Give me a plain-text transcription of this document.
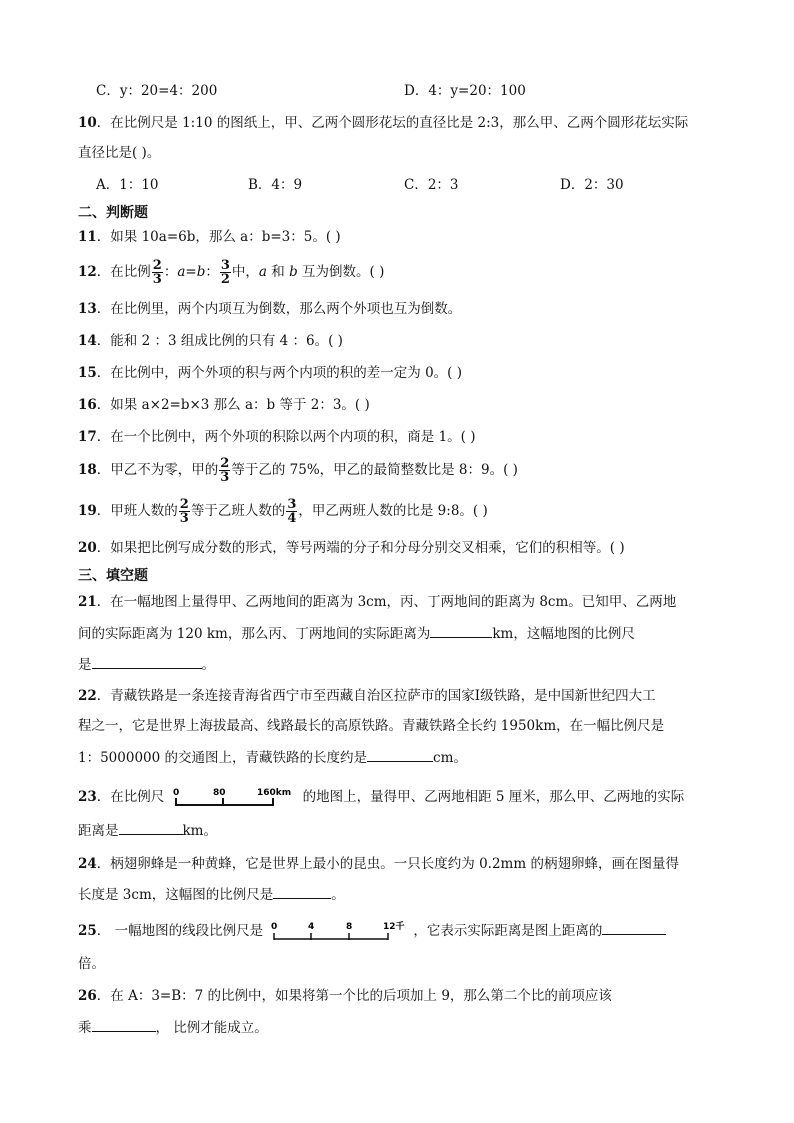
C．y：20=4：200	D．4：y=20：100
10．在比例尺是 1:10 的图纸上，甲、乙两个圆形花坛的直径比是 2:3，那么甲、乙两个圆形花坛实际
直径比是( )。
A．1：10	B．4：9	C．2：3	D．2：30
二、判断题
11．如果 10a=6b，那么 a：b=3：5。( )
12．在比例 $\frac{2}{3}$ ：a=b： $\frac{3}{2}$ 中，a 和 b 互为倒数。( )
13．在比例里，两个内项互为倒数，那么两个外项也互为倒数。
14．能和 2 ：3 组成比例的只有 4 ：6。( )
15．在比例中，两个外项的积与两个内项的积的差一定为 0。( )
16．如果 a×2=b×3 那么 a：b 等于 2：3。( )
17．在一个比例中，两个外项的积除以两个内项的积，商是 1。( )
18．甲乙不为零，甲的 $\frac{2}{3}$ 等于乙的 75%，甲乙的最简整数比是 8：9。( )
19．甲班人数的 $\frac{2}{3}$ 等于乙班人数的 $\frac{3}{4}$ ，甲乙两班人数的比是 9:8。( )
20．如果把比例写成分数的形式，等号两端的分子和分母分别交叉相乘，它们的积相等。( )
三、填空题
21．在一幅地图上量得甲、乙两地间的距离为 3cm，丙、丁两地间的距离为 8cm。已知甲、乙两地
间的实际距离为 120 km，那么丙、丁两地间的实际距离为	km，这幅地图的比例尺
是	。
22．青藏铁路是一条连接青海省西宁市至西藏自治区拉萨市的国家Ⅰ级铁路，是中国新世纪四大工
程之一，它是世界上海拔最高、线路最长的高原铁路。青藏铁路全长约 1950km，在一幅比例尺是
1：5000000 的交通图上，青藏铁路的长度约是	cm。
23．在比例尺 0	80	160km 的地图上，量得甲、乙两地相距 5 厘米，那么甲、乙两地的实际
距离是	km。
24．柄翅卵蜂是一种黄蜂，它是世界上最小的昆虫。一只长度约为 0.2mm 的柄翅卵蜂，画在图量得
长度是 3cm，这幅图的比例尺是	。
25． 一幅地图的线段比例尺是 0	4	8	12千 ，它表示实际距离是图上距离的
倍。
26．在 A：3=B：7 的比例中，如果将第一个比的后项加上 9，那么第二个比的前项应该
乘	， 比例才能成立。
